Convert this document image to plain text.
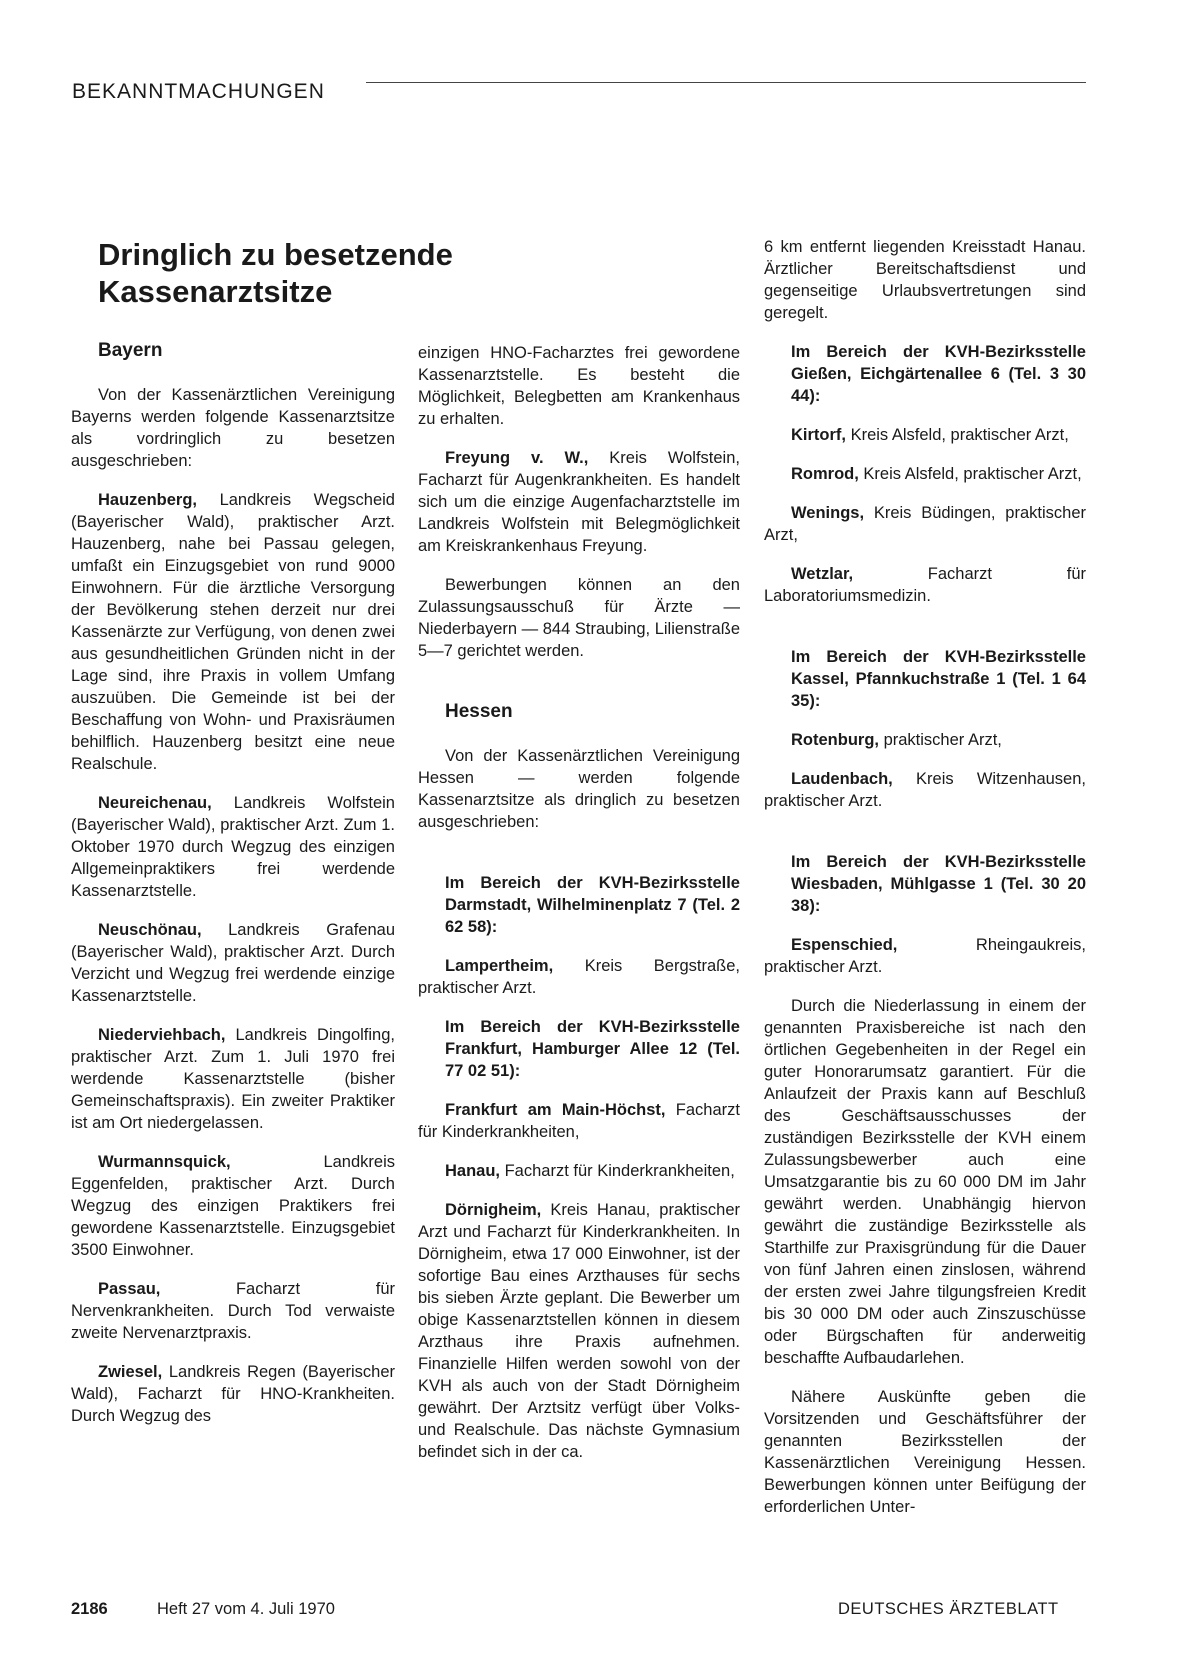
BEKANNTMACHUNGEN
Dringlich zu besetzende Kassenarztsitze
Bayern

Von der Kassenärztlichen Vereinigung Bayerns werden folgende Kassenarztsitze als vordringlich zu besetzen ausgeschrieben:

Hauzenberg, Landkreis Wegscheid (Bayerischer Wald), praktischer Arzt. Hauzenberg, nahe bei Passau gelegen, umfaßt ein Einzugsgebiet von rund 9000 Einwohnern. Für die ärztliche Versorgung der Bevölkerung stehen derzeit nur drei Kassenärzte zur Verfügung, von denen zwei aus gesundheitlichen Gründen nicht in der Lage sind, ihre Praxis in vollem Umfang auszuüben. Die Gemeinde ist bei der Beschaffung von Wohn- und Praxisräumen behilflich. Hauzenberg besitzt eine neue Realschule.

Neureichenau, Landkreis Wolfstein (Bayerischer Wald), praktischer Arzt. Zum 1. Oktober 1970 durch Wegzug des einzigen Allgemeinpraktikers frei werdende Kassenarztstelle.

Neuschönau, Landkreis Grafenau (Bayerischer Wald), praktischer Arzt. Durch Verzicht und Wegzug frei werdende einzige Kassenarztstelle.

Niederviehbach, Landkreis Dingolfing, praktischer Arzt. Zum 1. Juli 1970 frei werdende Kassenarztstelle (bisher Gemeinschaftspraxis). Ein zweiter Praktiker ist am Ort niedergelassen.

Wurmannsquick, Landkreis Eggenfelden, praktischer Arzt. Durch Wegzug des einzigen Praktikers frei gewordene Kassenarztstelle. Einzugsgebiet 3500 Einwohner.

Passau, Facharzt für Nervenkrankheiten. Durch Tod verwaiste zweite Nervenarztpraxis.

Zwiesel, Landkreis Regen (Bayerischer Wald), Facharzt für HNO-Krankheiten. Durch Wegzug des

einzigen HNO-Facharztes frei gewordene Kassenarztstelle. Es besteht die Möglichkeit, Belegbetten am Krankenhaus zu erhalten.

Freyung v. W., Kreis Wolfstein, Facharzt für Augenkrankheiten. Es handelt sich um die einzige Augenfacharztstelle im Landkreis Wolfstein mit Belegmöglichkeit am Kreiskrankenhaus Freyung.

Bewerbungen können an den Zulassungsausschuß für Ärzte — Niederbayern — 844 Straubing, Lilienstraße 5—7 gerichtet werden.

Hessen

Von der Kassenärztlichen Vereinigung Hessen — werden folgende Kassenarztsitze als dringlich zu besetzen ausgeschrieben:

Im Bereich der KVH-Bezirksstelle Darmstadt, Wilhelminenplatz 7 (Tel. 2 62 58):

Lampertheim, Kreis Bergstraße, praktischer Arzt.

Im Bereich der KVH-Bezirksstelle Frankfurt, Hamburger Allee 12 (Tel. 77 02 51):

Frankfurt am Main-Höchst, Facharzt für Kinderkrankheiten,

Hanau, Facharzt für Kinderkrankheiten,

Dörnigheim, Kreis Hanau, praktischer Arzt und Facharzt für Kinderkrankheiten. In Dörnigheim, etwa 17 000 Einwohner, ist der sofortige Bau eines Arzthauses für sechs bis sieben Ärzte geplant. Die Bewerber um obige Kassenarztstellen können in diesem Arzthaus ihre Praxis aufnehmen. Finanzielle Hilfen werden sowohl von der KVH als auch von der Stadt Dörnigheim gewährt. Der Arztsitz verfügt über Volks- und Realschule. Das nächste Gymnasium befindet sich in der ca.

6 km entfernt liegenden Kreisstadt Hanau. Ärztlicher Bereitschaftsdienst und gegenseitige Urlaubsvertretungen sind geregelt.

Im Bereich der KVH-Bezirksstelle Gießen, Eichgärtenallee 6 (Tel. 3 30 44):

Kirtorf, Kreis Alsfeld, praktischer Arzt,

Romrod, Kreis Alsfeld, praktischer Arzt,

Wenings, Kreis Büdingen, praktischer Arzt,

Wetzlar, Facharzt für Laboratoriumsmedizin.

Im Bereich der KVH-Bezirksstelle Kassel, Pfannkuchstraße 1 (Tel. 1 64 35):

Rotenburg, praktischer Arzt,

Laudenbach, Kreis Witzenhausen, praktischer Arzt.

Im Bereich der KVH-Bezirksstelle Wiesbaden, Mühlgasse 1 (Tel. 30 20 38):

Espenschied, Rheingaukreis, praktischer Arzt.

Durch die Niederlassung in einem der genannten Praxisbereiche ist nach den örtlichen Gegebenheiten in der Regel ein guter Honorarumsatz garantiert. Für die Anlaufzeit der Praxis kann auf Beschluß des Geschäftsausschusses der zuständigen Bezirksstelle der KVH einem Zulassungsbewerber auch eine Umsatzgarantie bis zu 60 000 DM im Jahr gewährt werden. Unabhängig hiervon gewährt die zuständige Bezirksstelle als Starthilfe zur Praxisgründung für die Dauer von fünf Jahren einen zinslosen, während der ersten zwei Jahre tilgungsfreien Kredit bis 30 000 DM oder auch Zinszuschüsse oder Bürgschaften für anderweitig beschaffte Aufbaudarlehen.

Nähere Auskünfte geben die Vorsitzenden und Geschäftsführer der genannten Bezirksstellen der Kassenärztlichen Vereinigung Hessen. Bewerbungen können unter Beifügung der erforderlichen Unter-

2186	Heft 27 vom 4. Juli 1970	DEUTSCHES ÄRZTEBLATT
